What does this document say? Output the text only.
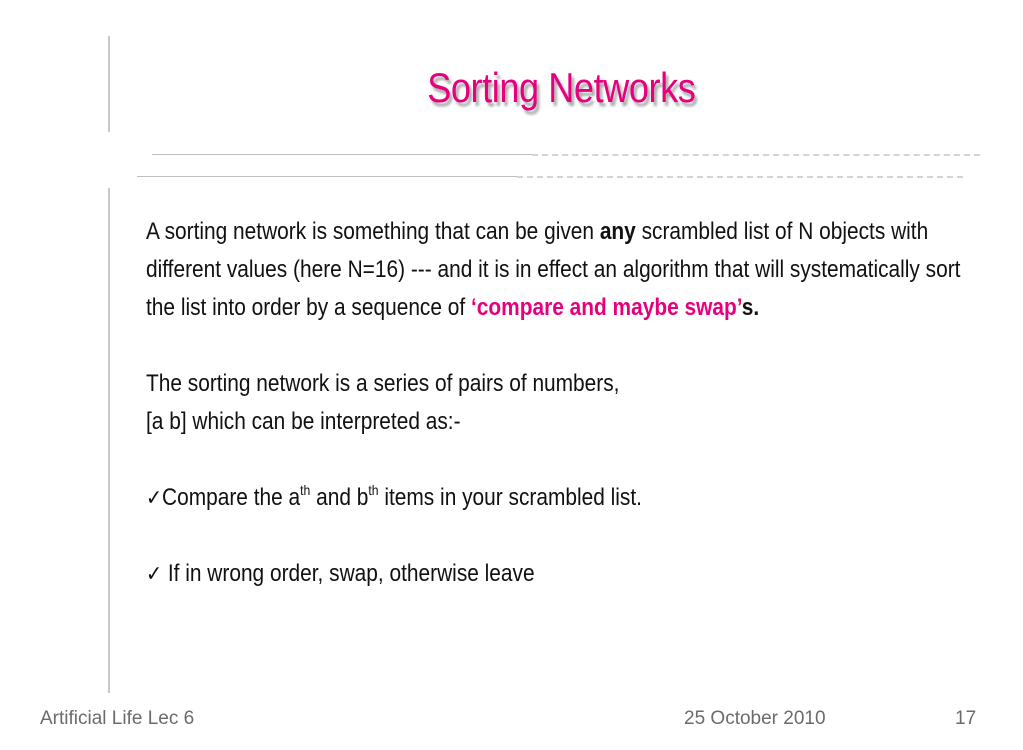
Sorting Networks

A sorting network is something that can be given any scrambled list of N objects with different values (here N=16) --- and it is in effect an algorithm that will systematically sort the list into order by a sequence of ‘compare and maybe swap’s.

The sorting network is a series of pairs of numbers,
[a b] which can be interpreted as:-

✓Compare the $a^{th}$ and $b^{th}$ items in your scrambled list.

✓ If in wrong order, swap, otherwise leave

Artificial Life Lec 6	25 October 2010	17
